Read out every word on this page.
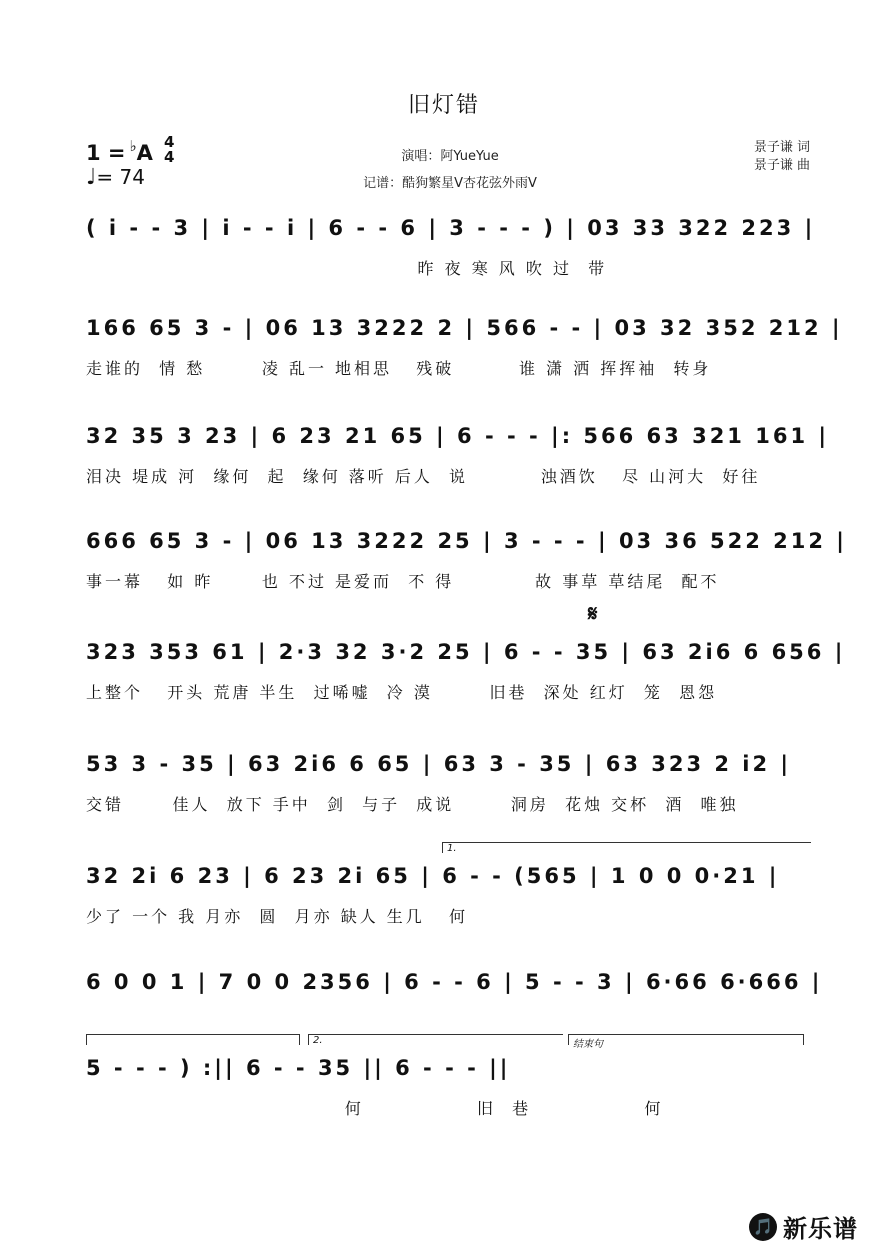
旧灯错
演唱：阿YueYue
记谱：酷狗繁星V杏花弦外雨V
景子谦 词
景子谦 曲
1 = ♭A 4
4
♩= 74
( i - - 3 | i - - i | 6 - - 6 | 3 - - - ) | 03 33 322 223 |
昨 夜 寒 风 吹 过  带
166 65 3 - | 06 13 3222 2 | 566 - - | 03 32 352 212 |
走谁的  情 愁       凌 乱一 地相思   残破        谁 潇 洒 挥挥袖  转身
32 35 3 23 | 6 23 21 65 | 6 - - - |: 566 63 321 161 |
泪决 堤成 河  缘何  起  缘何 落听 后人  说         浊酒饮   尽 山河大  好往
666 65 3 - | 06 13 3222 25 | 3 - - - | 03 36 522 212 |
事一幕   如 昨      也 不过 是爱而  不 得          故 事草 草结尾  配不
𝄋
323 353 61 | 2·3 32 3·2 25 | 6 - - 35 | 63 2i6 6 656 |
上整个   开头 荒唐 半生  过唏嘘  冷 漠       旧巷  深处 红灯  笼  恩怨
53 3 - 35 | 63 2i6 6 65 | 63 3 - 35 | 63 323 2 i2 |
交错      佳人  放下 手中  剑  与子  成说       洞房  花烛 交杯  酒  唯独
1.
32 2i 6 23 | 6 23 2i 65 | 6 - - (565 | 1 0 0 0·21 |
少了 一个 我 月亦  圆  月亦 缺人 生几   何
6 0 0 1 | 7 0 0 2356 | 6 - - 6 | 5 - - 3 | 6·66 6·666 |
2.	结束句
5 - - - ) :|| 6 - - 35 || 6 - - - ||
何              旧  巷              何
🎵 新乐谱
